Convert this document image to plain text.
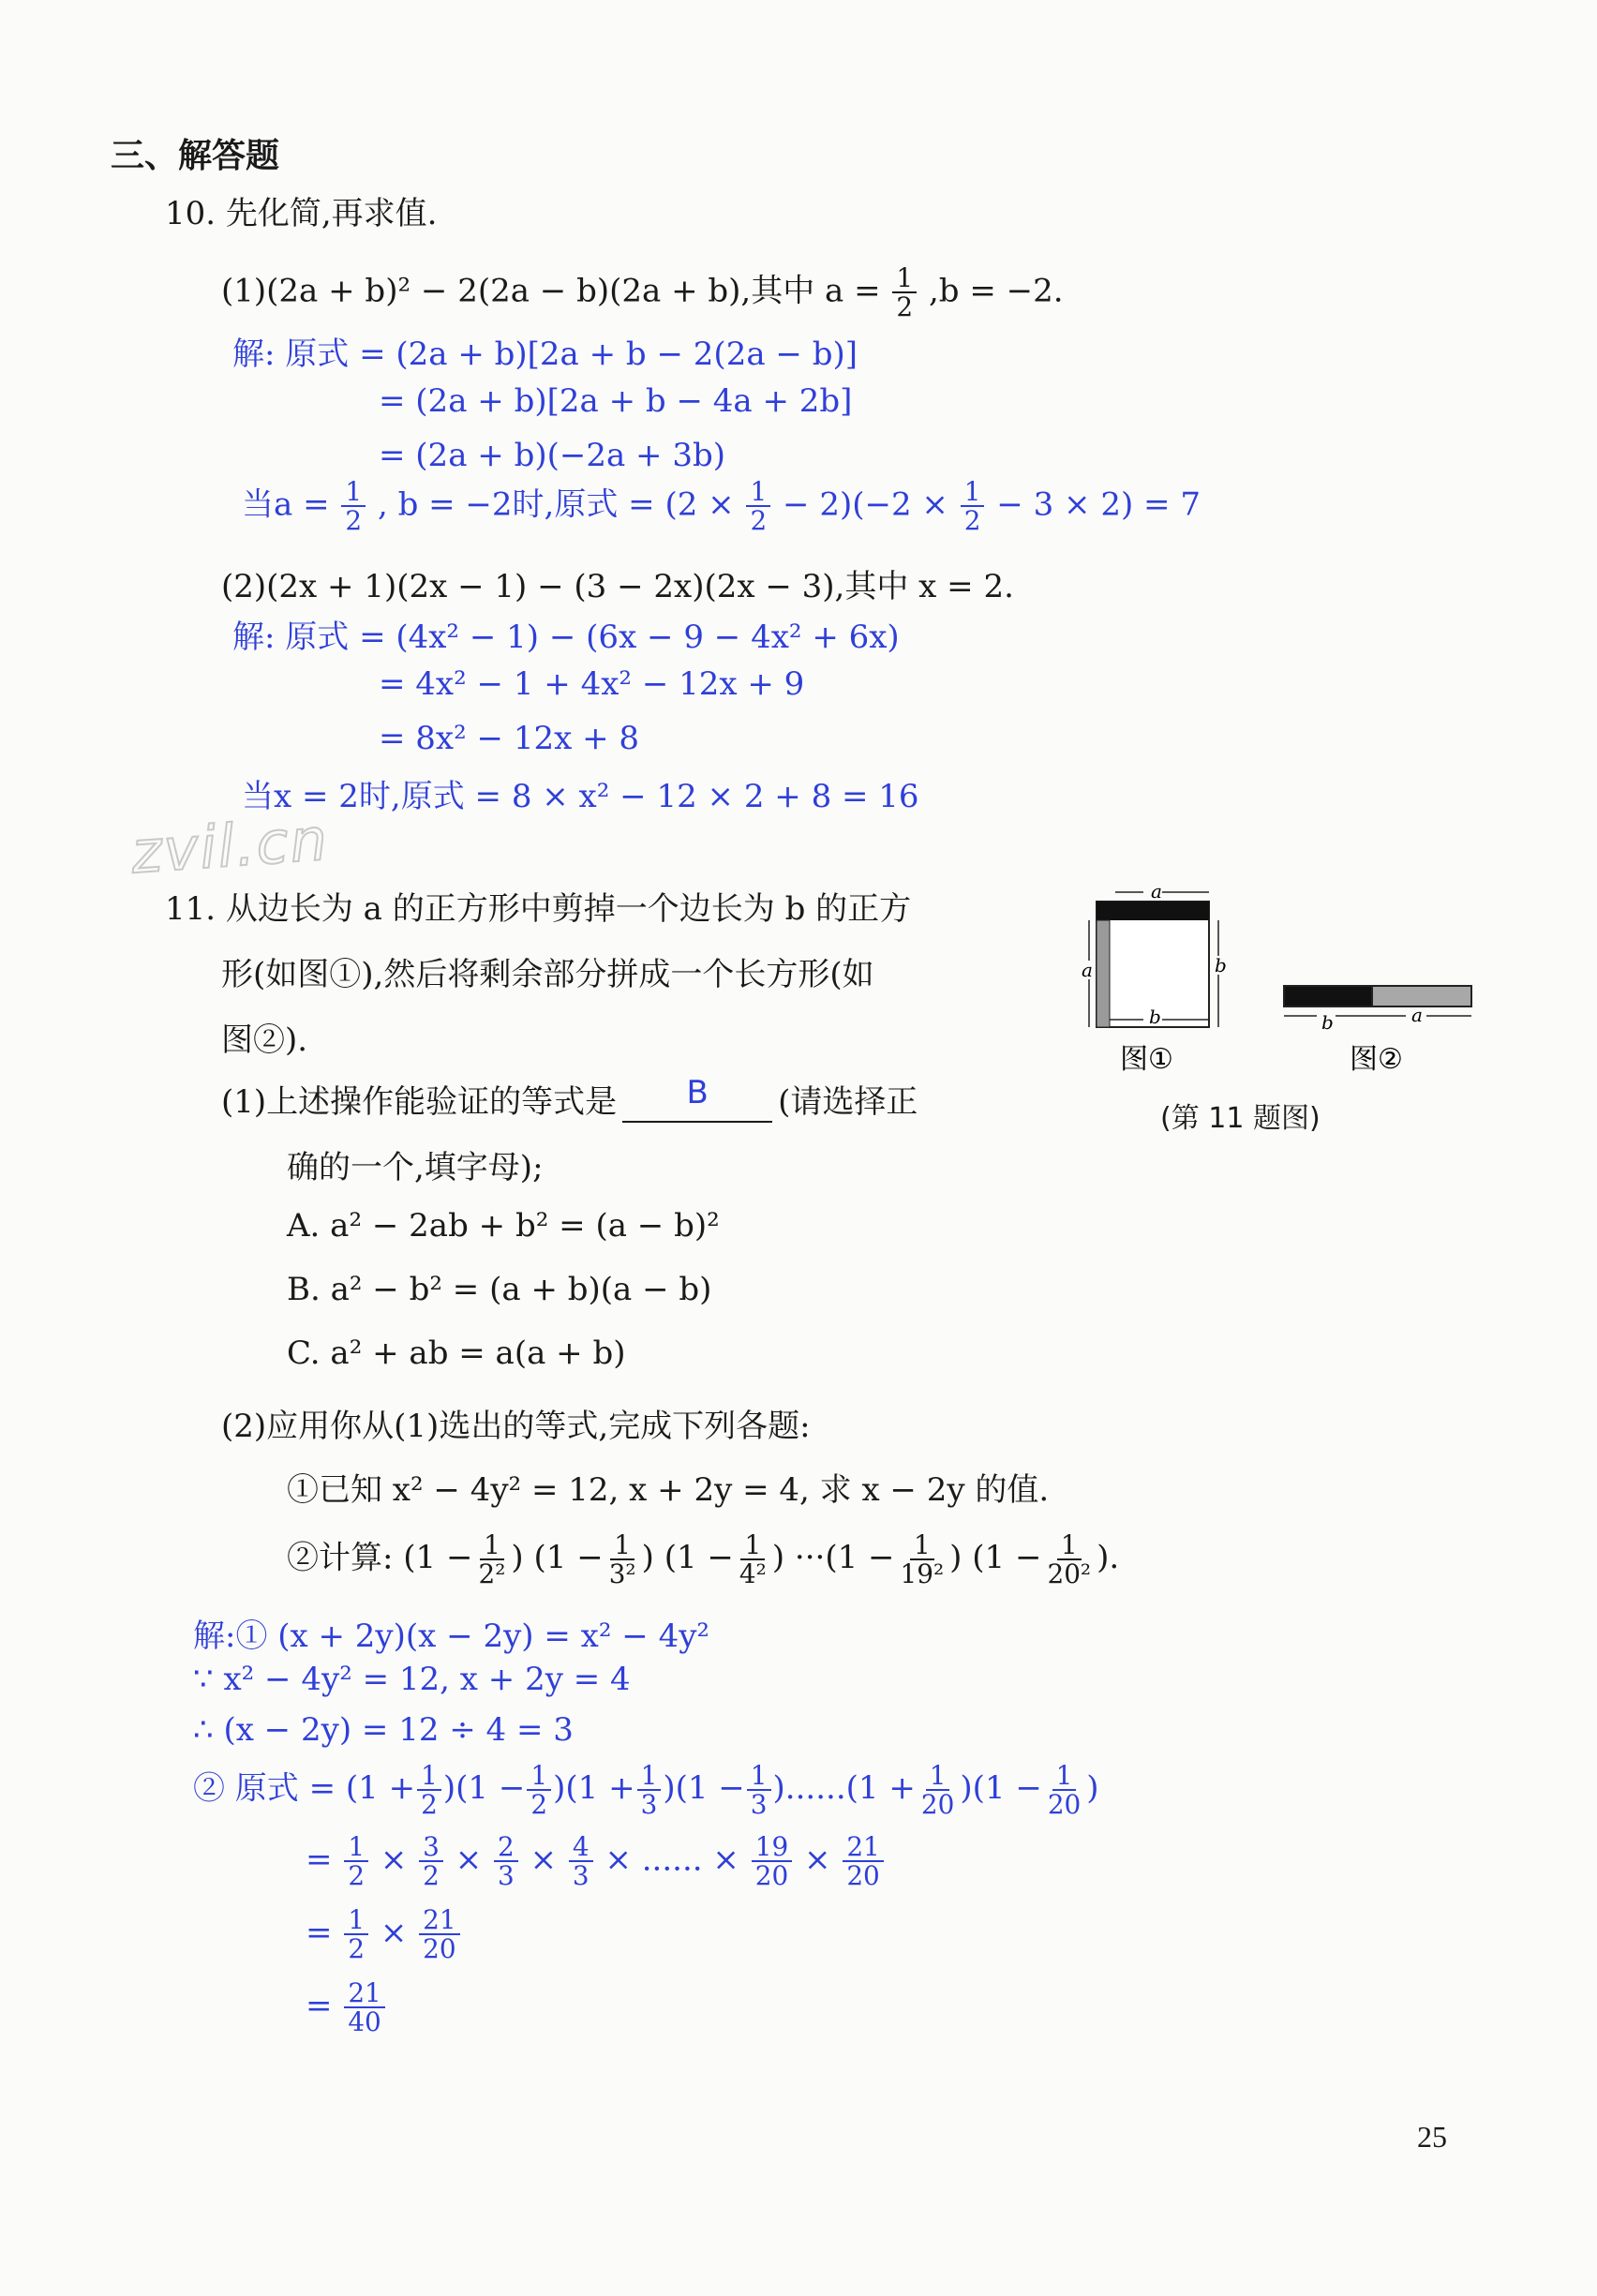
三、解答题
10. 先化简,再求值.
(1)(2a + b)² − 2(2a − b)(2a + b),其中 $a = \frac{1}{2} ,b = -2$.
解: 原式 = (2a + b)[2a + b − 2(2a − b)]
= (2a + b)[2a + b − 4a + 2b]
= (2a + b)(−2a + 3b)
当$a = \frac{1}{2}$ , b = −2时,原式 = $(2 \times \frac{1}{2} - 2)(-2 \times \frac{1}{2} - 3 \times 2) = 7$
(2)(2x + 1)(2x − 1) − (3 − 2x)(2x − 3),其中 x = 2.
解: 原式 = (4x² − 1) − (6x − 9 − 4x² + 6x)
= 4x² − 1 + 4x² − 12x + 9
= 8x² − 12x + 8
当x = 2时,原式 = 8 × x² − 12 × 2 + 8 = 16
zvil.cn
11. 从边长为 a 的正方形中剪掉一个边长为 b 的正方
形(如图①),然后将剩余部分拼成一个长方形(如
图②).
(1)上述操作能验证的等式是 B (请选择正
确的一个,填字母);
A. a² − 2ab + b² = (a − b)²
B. a² − b² = (a + b)(a − b)
C. a² + ab = a(a + b)
(2)应用你从(1)选出的等式,完成下列各题:
①已知 x² − 4y² = 12, x + 2y = 4, 求 x − 2y 的值.
②计算: ($1 - \frac{1}{\text{2²}}$ ) ($1 - \frac{1}{\text{3²}}$ ) ($1 - \frac{1}{\text{4²}}$ ) $\cdot\cdot\cdot(1 - \frac{1}{\text{19²}}$ ) ($1 - \frac{1}{\text{20²}}$ ).
a
a	b
b	b	a
图①	图②
(第 11 题图)
解:① (x + 2y)(x − 2y) = x² − 4y²
∵ x² − 4y² = 12, x + 2y = 4
∴ (x − 2y) = 12 ÷ 4 = 3
② 原式 = $(1 + \frac{1}{2} )(1 - \frac{1}{2} )(1 + \frac{1}{3} )(1 - \frac{1}{3} )......(1 + \frac{1}{20} )(1 - \frac{1}{20}$ )
= $\frac{1}{2} \times \frac{3}{2} \times \frac{2}{3} \times \frac{4}{3}$ × ...... × $\frac{19}{20} \times \frac{21}{20}$
= $\frac{1}{2} \times \frac{21}{20}$
= $\frac{21}{40}$
25
